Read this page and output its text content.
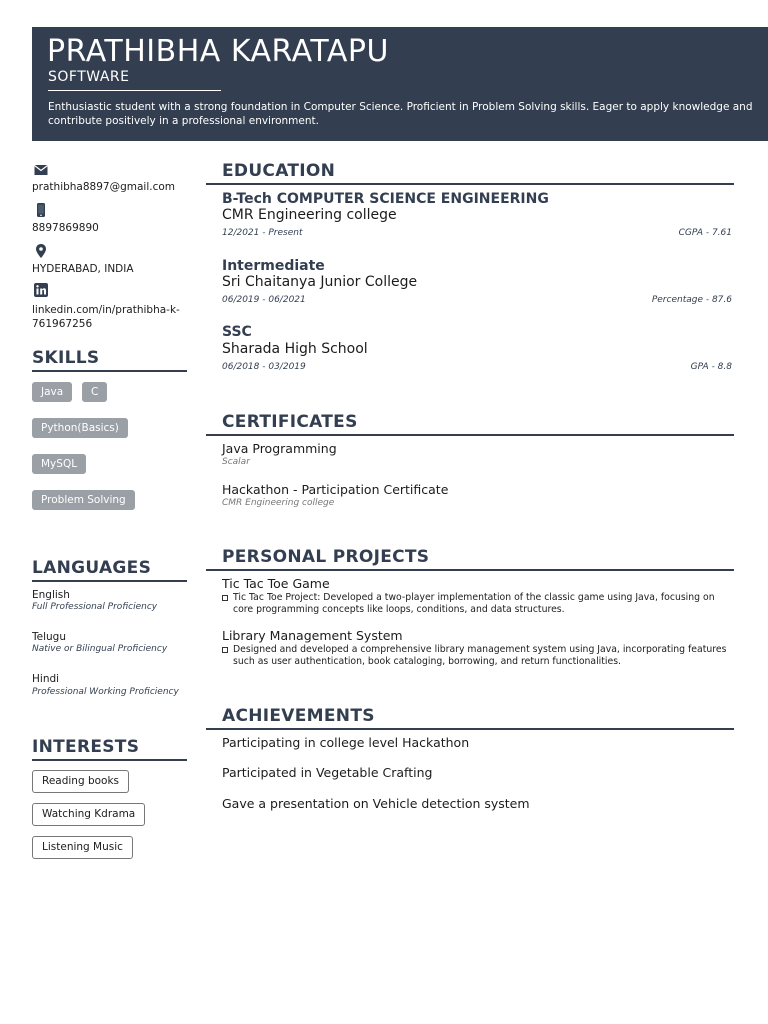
PRATHIBHA KARATAPU
SOFTWARE
Enthusiastic student with a strong foundation in Computer Science. Proficient in Problem Solving skills. Eager to apply knowledge and contribute positively in a professional environment.
prathibha8897@gmail.com
8897869890
HYDERABAD, INDIA
linkedin.com/in/prathibha-k-761967256
SKILLS
Java	C
Python(Basics)
MySQL
Problem Solving
LANGUAGES
English
Full Professional Proficiency
Telugu
Native or Bilingual Proficiency
Hindi
Professional Working Proficiency
INTERESTS
Reading books
Watching Kdrama
Listening Music
EDUCATION
B-Tech COMPUTER SCIENCE ENGINEERING
CMR Engineering college
12/2021 - Present	CGPA - 7.61
Intermediate
Sri Chaitanya Junior College
06/2019 - 06/2021	Percentage - 87.6
SSC
Sharada High School
06/2018 - 03/2019	GPA - 8.8
CERTIFICATES
Java Programming
Scalar
Hackathon - Participation Certificate
CMR Engineering college
PERSONAL PROJECTS
Tic Tac Toe Game
Tic Tac Toe Project: Developed a two-player implementation of the classic game using Java, focusing on core programming concepts like loops, conditions, and data structures.
Library Management System
Designed and developed a comprehensive library management system using Java, incorporating features such as user authentication, book cataloging, borrowing, and return functionalities.
ACHIEVEMENTS
Participating in college level Hackathon
Participated in Vegetable Crafting
Gave a presentation on Vehicle detection system
